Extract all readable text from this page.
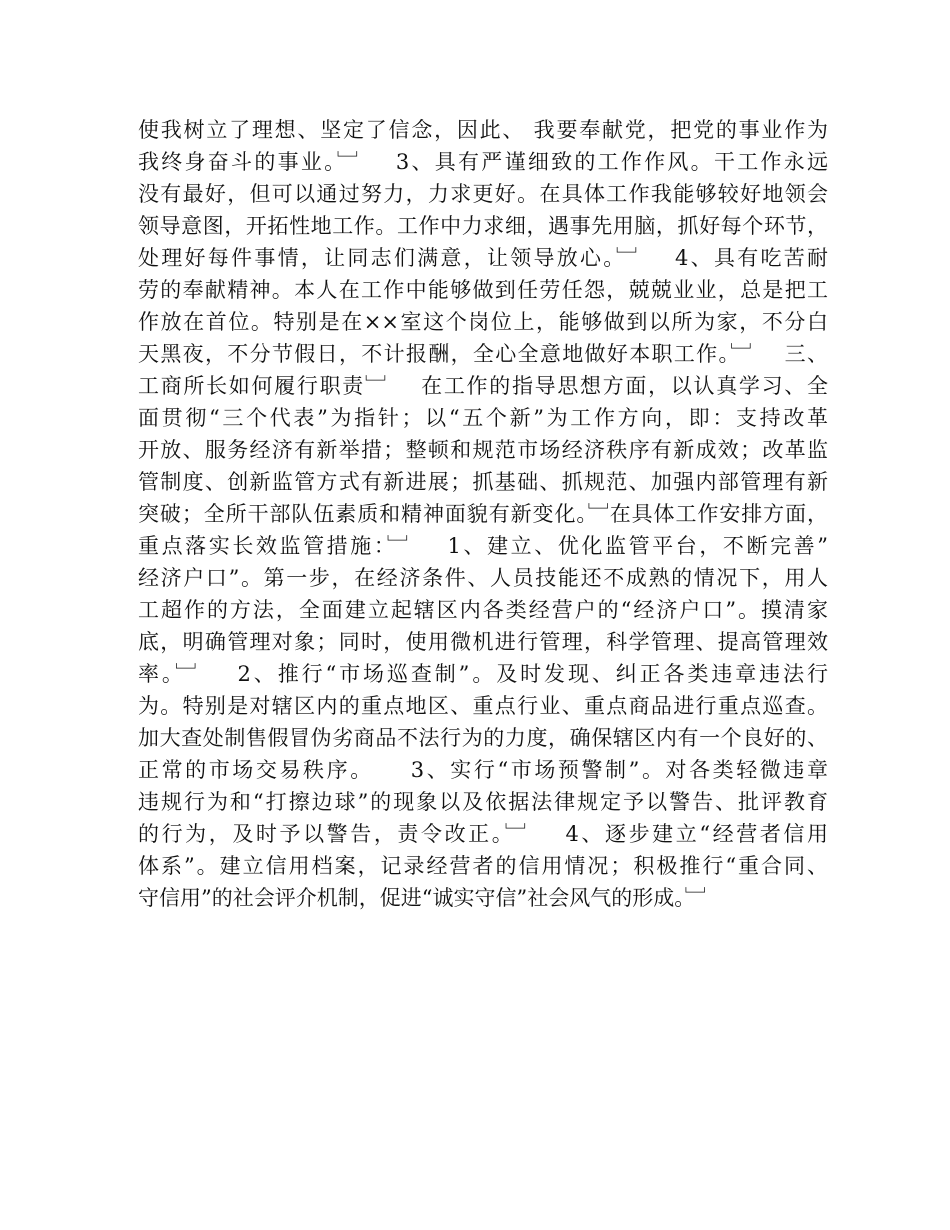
使我树立了理想、坚定了信念，因此、 我要奉献党，把党的事业作为
我终身奋斗的事业。﹈    3、具有严谨细致的工作作风。干工作永远
没有最好，但可以通过努力，力求更好。在具体工作我能够较好地领会
领导意图，开拓性地工作。工作中力求细，遇事先用脑，抓好每个环节，
处理好每件事情，让同志们满意，让领导放心。﹈    4、具有吃苦耐
劳的奉献精神。本人在工作中能够做到任劳任怨，兢兢业业，总是把工
作放在首位。特别是在××室这个岗位上，能够做到以所为家，不分白
天黑夜，不分节假日，不计报酬，全心全意地做好本职工作。﹈    三、
工商所长如何履行职责﹈    在工作的指导思想方面，以认真学习、全
面贯彻“三个代表”为指针；以“五个新”为工作方向，即：支持改革
开放、服务经济有新举措；整顿和规范市场经济秩序有新成效；改革监
管制度、创新监管方式有新进展；抓基础、抓规范、加强内部管理有新
突破；全所干部队伍素质和精神面貌有新变化。﹈在具体工作安排方面，
重点落实长效监管措施：﹈    1、建立、优化监管平台，不断完善”
经济户口”。第一步，在经济条件、人员技能还不成熟的情况下，用人
工超作的方法，全面建立起辖区内各类经营户的“经济户口”。摸清家
底，明确管理对象；同时，使用微机进行管理，科学管理、提高管理效
率。﹈    2、推行“市场巡查制”。及时发现、纠正各类违章违法行
为。特别是对辖区内的重点地区、重点行业、重点商品进行重点巡查。
加大查处制售假冒伪劣商品不法行为的力度，确保辖区内有一个良好的、
正常的市场交易秩序。    3、实行“市场预警制”。对各类轻微违章
违规行为和“打擦边球”的现象以及依据法律规定予以警告、批评教育
的行为，及时予以警告，责令改正。﹈    4、逐步建立“经营者信用
体系”。建立信用档案，记录经营者的信用情况；积极推行“重合同、
守信用”的社会评介机制，促进“诚实守信”社会风气的形成。﹈
